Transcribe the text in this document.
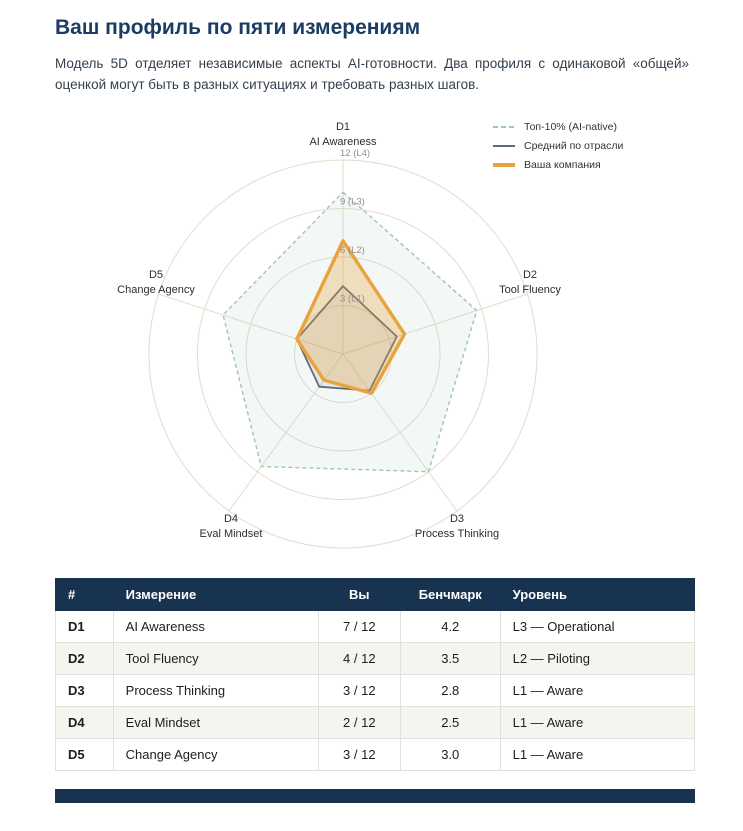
Ваш профиль по пяти измерениям

Модель 5D отделяет независимые аспекты AI-готовности. Два профиля с одинаковой «общей» оценкой могут быть в разных ситуациях и требовать разных шагов.

3 (L1)
6 (L2)
9 (L3)
12 (L4)
D1 AI Awareness
D2 Tool Fluency
D3 Process Thinking
D4 Eval Mindset
D5 Change Agency
Топ-10% (AI-native)
Средний по отрасли
Ваша компания
#	Измерение	Вы	Бенчмарк	Уровень
D1	AI Awareness	7 / 12	4.2	L3 — Operational
D2	Tool Fluency	4 / 12	3.5	L2 — Piloting
D3	Process Thinking	3 / 12	2.8	L1 — Aware
D4	Eval Mindset	2 / 12	2.5	L1 — Aware
D5	Change Agency	3 / 12	3.0	L1 — Aware
